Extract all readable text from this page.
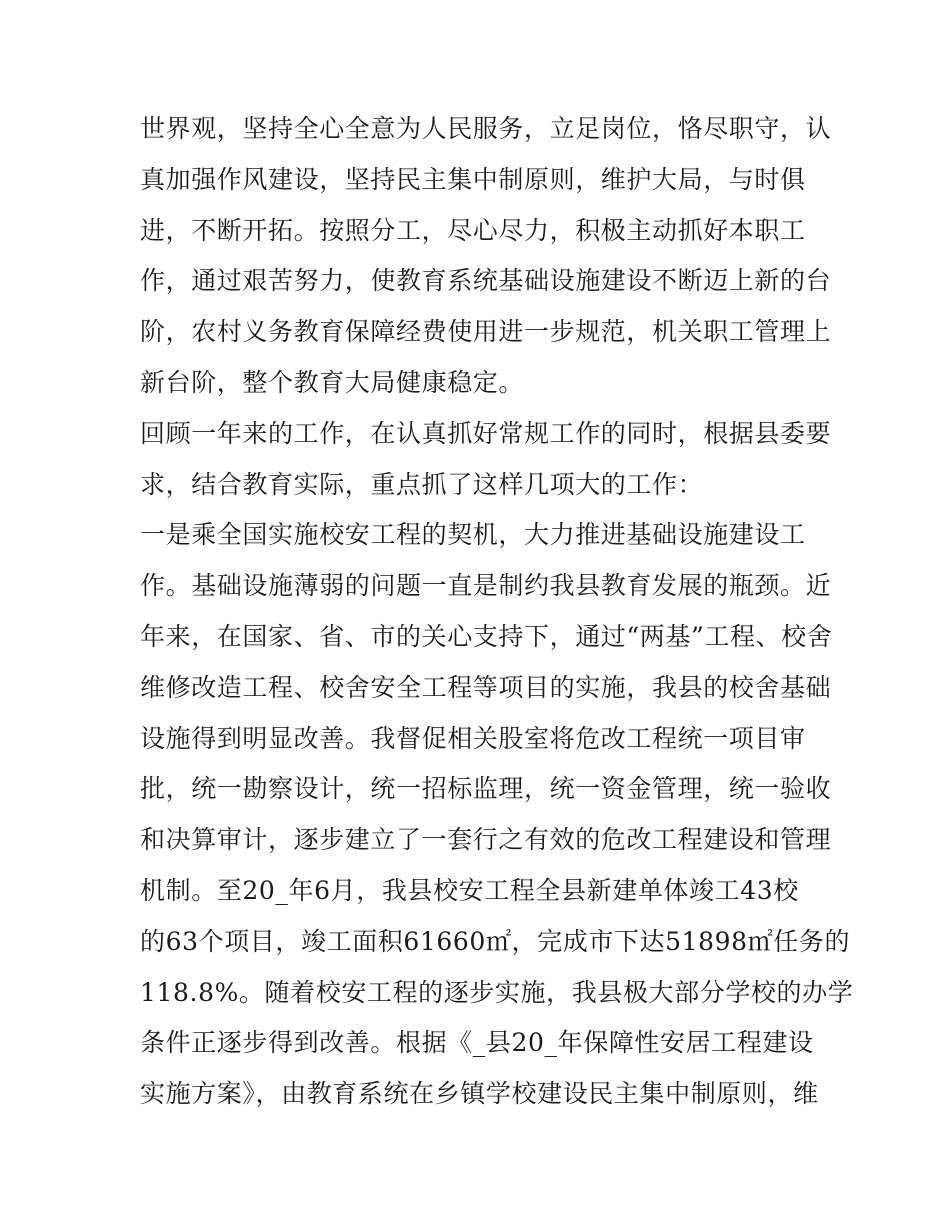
世界观，坚持全心全意为人民服务，立足岗位，恪尽职守，认
真加强作风建设，坚持民主集中制原则，维护大局，与时俱
进，不断开拓。按照分工，尽心尽力，积极主动抓好本职工
作，通过艰苦努力，使教育系统基础设施建设不断迈上新的台
阶，农村义务教育保障经费使用进一步规范，机关职工管理上
新台阶，整个教育大局健康稳定。
回顾一年来的工作，在认真抓好常规工作的同时，根据县委要
求，结合教育实际，重点抓了这样几项大的工作：
一是乘全国实施校安工程的契机，大力推进基础设施建设工
作。基础设施薄弱的问题一直是制约我县教育发展的瓶颈。近
年来，在国家、省、市的关心支持下，通过“两基”工程、校舍
维修改造工程、校舍安全工程等项目的实施，我县的校舍基础
设施得到明显改善。我督促相关股室将危改工程统一项目审
批，统一勘察设计，统一招标监理，统一资金管理，统一验收
和决算审计，逐步建立了一套行之有效的危改工程建设和管理
机制。至20_年6月，我县校安工程全县新建单体竣工43校
的63个项目，竣工面积61660㎡，完成市下达51898㎡任务的
118.8%。随着校安工程的逐步实施，我县极大部分学校的办学
条件正逐步得到改善。根据《_县20_年保障性安居工程建设
实施方案》，由教育系统在乡镇学校建设民主集中制原则，维
